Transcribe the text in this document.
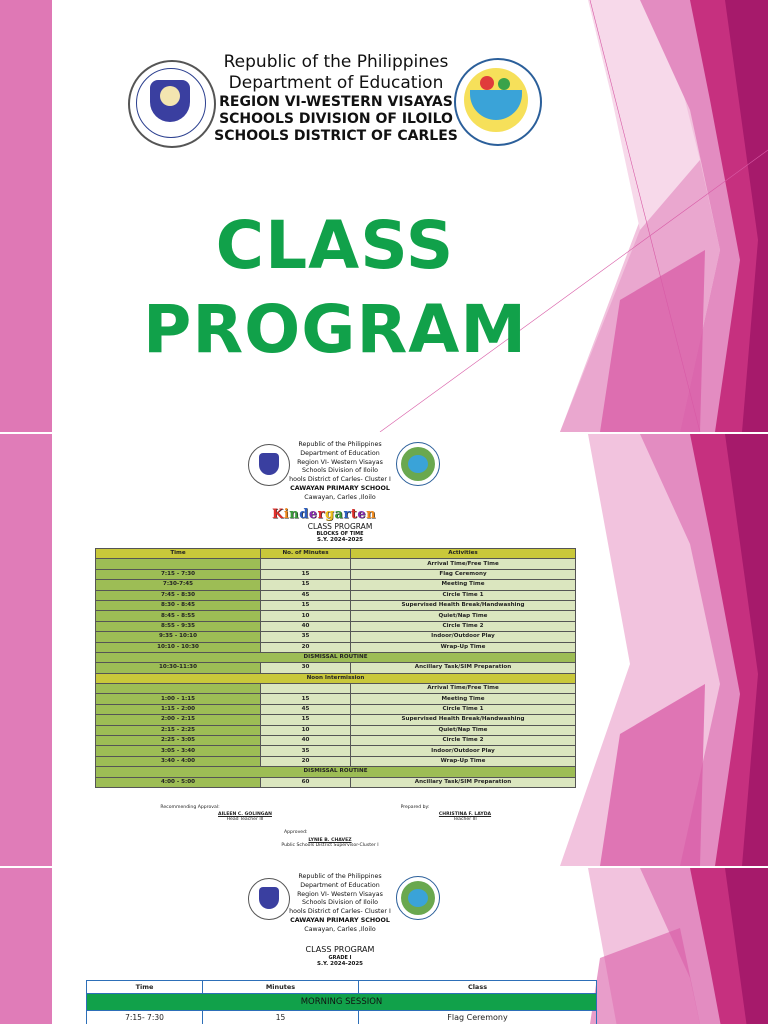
Republic of the Philippines
Department of Education
REGION VI-WESTERN VISAYAS
SCHOOLS DIVISION OF ILOILO
SCHOOLS DISTRICT OF CARLES
CLASS
PROGRAM
Republic of the Philippines
Department of Education
Region VI- Western Visayas
Schools Division of Iloilo
hools District of Carles- Cluster I
CAWAYAN PRIMARY SCHOOL
Cawayan, Carles ,Iloilo
Kindergarten
CLASS PROGRAM
BLOCKS OF TIME
S.Y. 2024-2025
Time	No. of Minutes	Activities
		Arrival Time/Free Time
7:15 - 7:30	15	Flag Ceremony
7:30-7:45	15	Meeting Time
7:45 - 8:30	45	Circle Time 1
8:30 - 8:45	15	Supervised Health Break/Handwashing
8:45 - 8:55	10	Quiet/Nap Time
8:55 - 9:35	40	Circle Time 2
9:35 - 10:10	35	Indoor/Outdoor Play
10:10 - 10:30	20	Wrap-Up Time
DISMISSAL ROUTINE		
10:30-11:30	30	Ancillary Task/SIM Preparation
Noon Intermission		
		Arrival Time/Free Time
1:00 - 1:15	15	Meeting Time
1:15 - 2:00	45	Circle Time 1
2:00 - 2:15	15	Supervised Health Break/Handwashing
2:15 - 2:25	10	Quiet/Nap Time
2:25 - 3:05	40	Circle Time 2
3:05 - 3:40	35	Indoor/Outdoor Play
3:40 - 4:00	20	Wrap-Up Time
DISMISSAL ROUTINE		
4:00 - 5:00	60	Ancillary Task/SIM Preparation
Recommending Approval:
AILEEN C. GOLINGAN
Head Teacher III
Prepared by:
CHRISTINA F. LAYDA
Teacher III
Approved:
LYNIE B. CHAVEZ
Public Schools District Supervisor-Cluster I
Republic of the Philippines
Department of Education
Region VI- Western Visayas
Schools Division of Iloilo
hools District of Carles- Cluster I
CAWAYAN PRIMARY SCHOOL
Cawayan, Carles ,Iloilo
CLASS PROGRAM
GRADE I
S.Y. 2024-2025
Time	Minutes	Class
MORNING SESSION		
7:15- 7:30	15	Flag Ceremony
